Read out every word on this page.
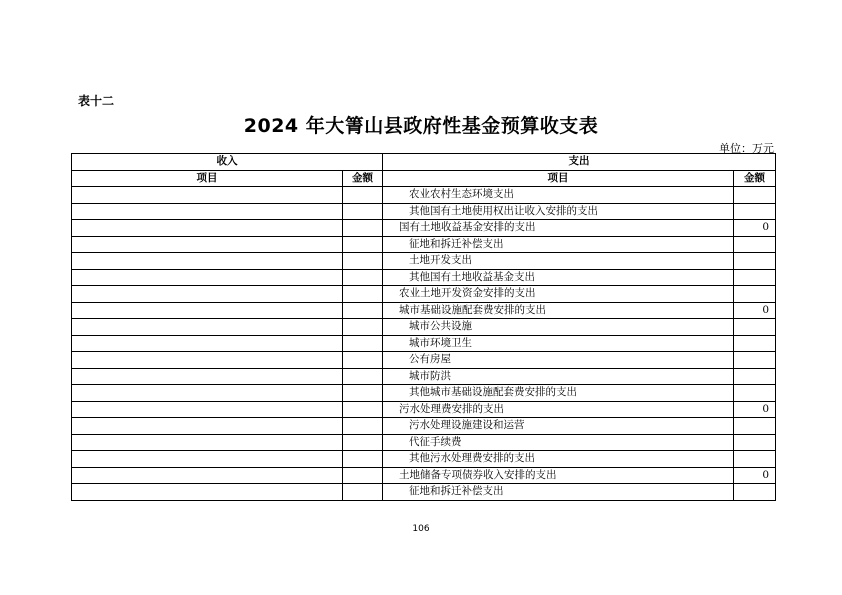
表十二
2024 年大箐山县政府性基金预算收支表
单位：万元
收入		支出	
项目	金额	项目	金额
		农业农村生态环境支出	
		其他国有土地使用权出让收入安排的支出	
		国有土地收益基金安排的支出	0
		征地和拆迁补偿支出	
		土地开发支出	
		其他国有土地收益基金支出	
		农业土地开发资金安排的支出	
		城市基础设施配套费安排的支出	0
		城市公共设施	
		城市环境卫生	
		公有房屋	
		城市防洪	
		其他城市基础设施配套费安排的支出	
		污水处理费安排的支出	0
		污水处理设施建设和运营	
		代征手续费	
		其他污水处理费安排的支出	
		土地储备专项债券收入安排的支出	0
		征地和拆迁补偿支出	
106
